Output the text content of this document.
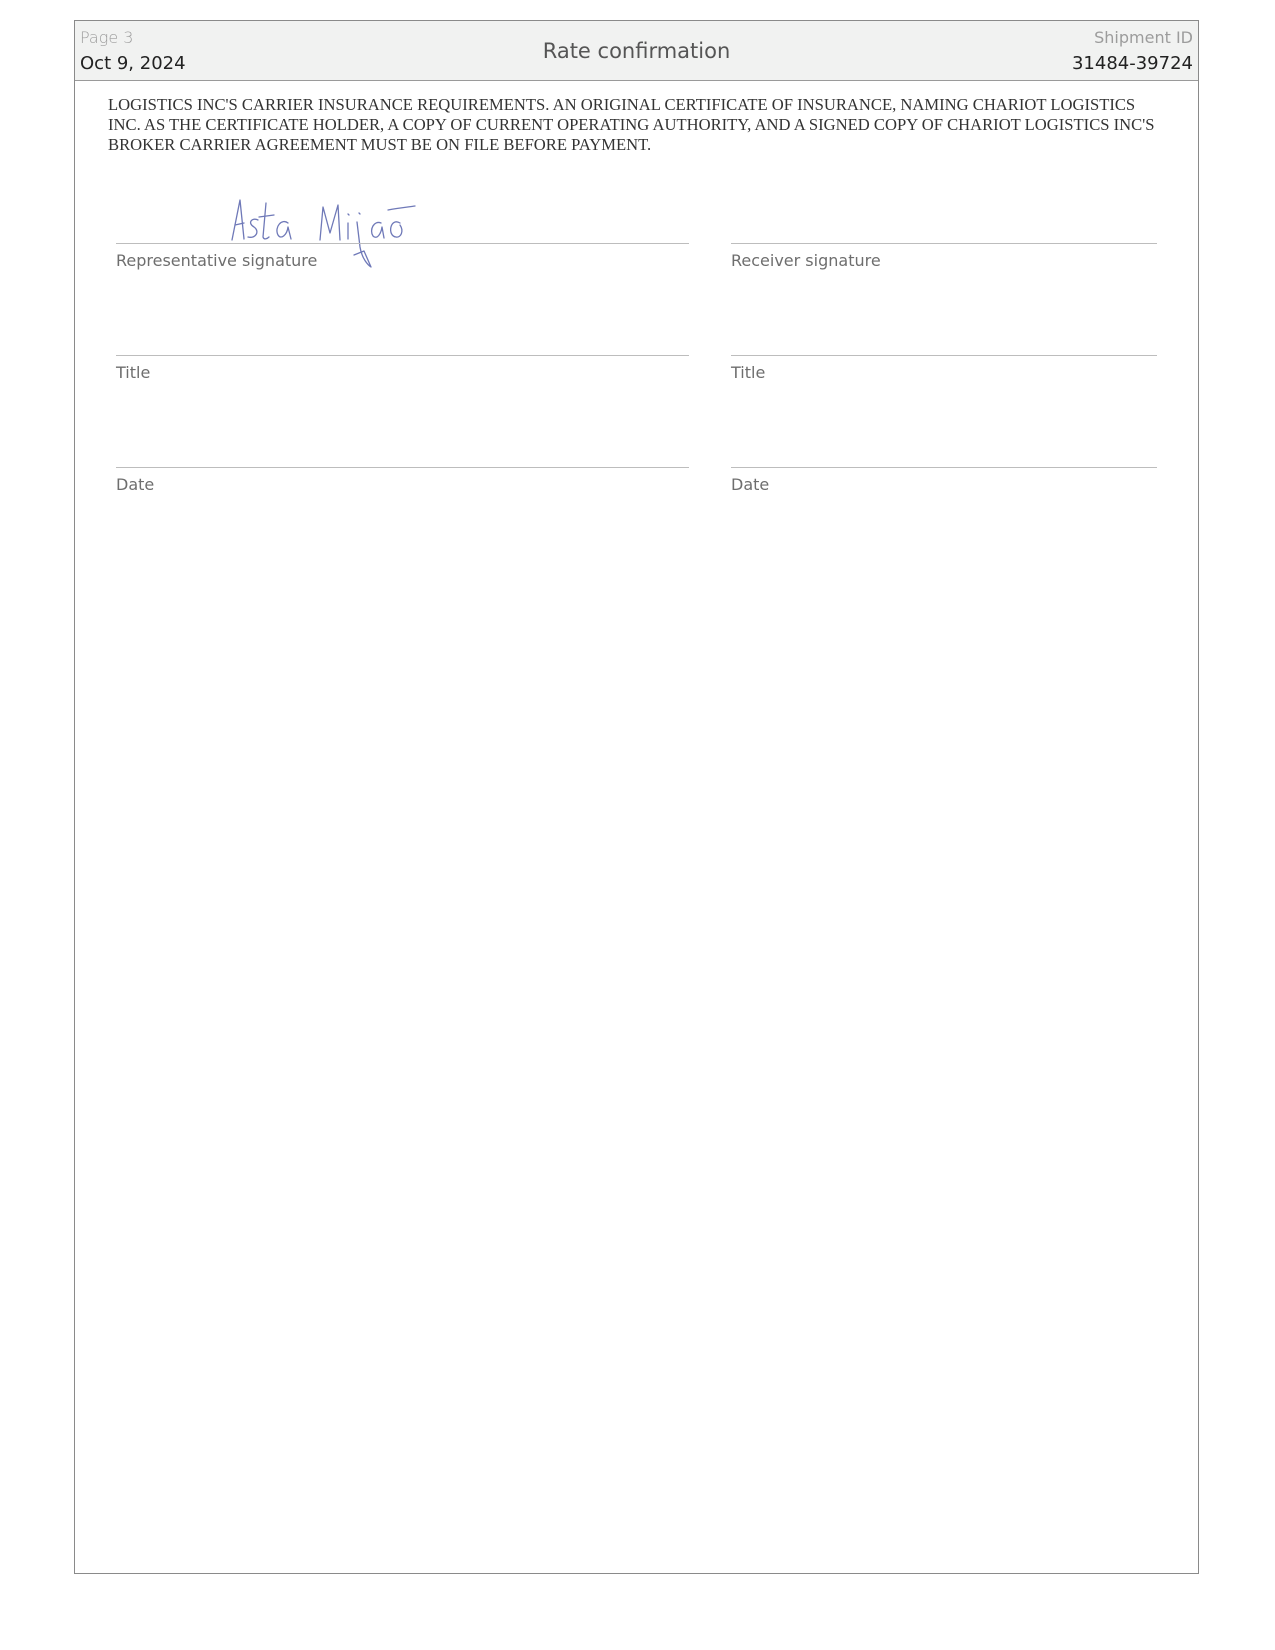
Page 3
Oct 9, 2024
Rate confirmation
Shipment ID
31484-39724

LOGISTICS INC'S CARRIER INSURANCE REQUIREMENTS. AN ORIGINAL CERTIFICATE OF INSURANCE, NAMING CHARIOT LOGISTICS INC. AS THE CERTIFICATE HOLDER, A COPY OF CURRENT OPERATING AUTHORITY, AND A SIGNED COPY OF CHARIOT LOGISTICS INC'S BROKER CARRIER AGREEMENT MUST BE ON FILE BEFORE PAYMENT.

Representative signature
Title
Date
Receiver signature
Title
Date
